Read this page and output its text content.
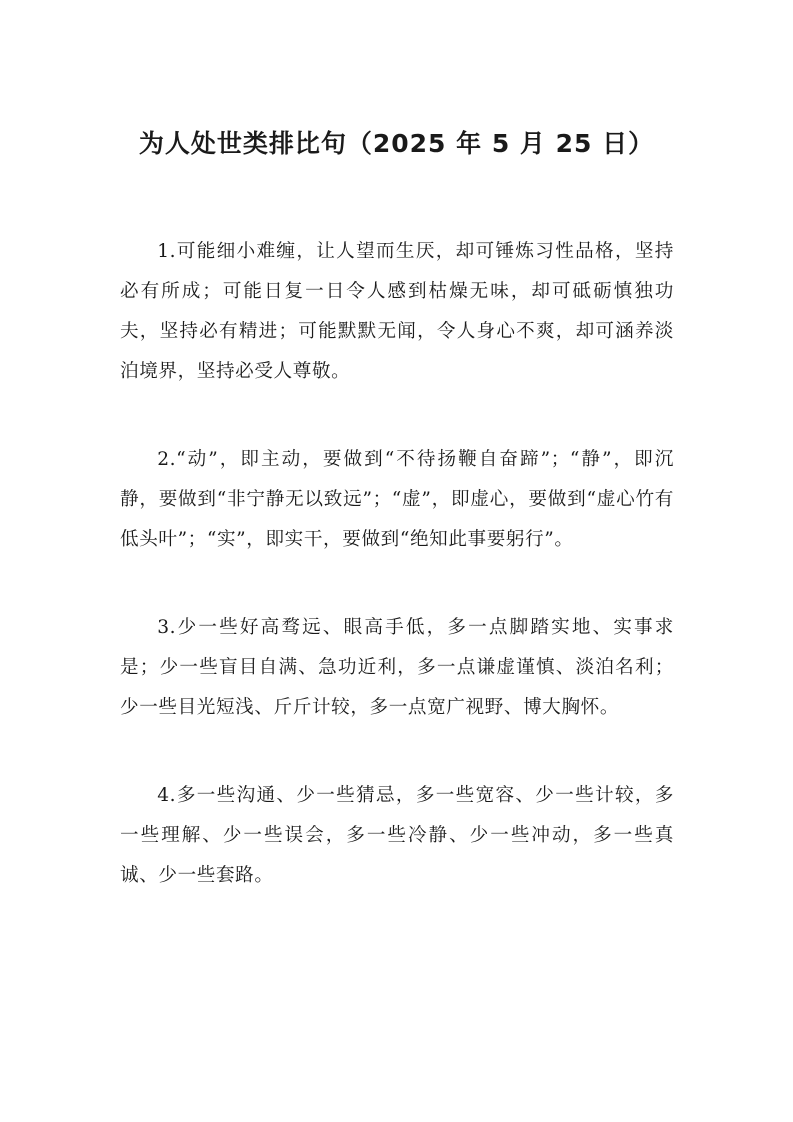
为人处世类排比句（2025 年 5 月 25 日）

1.可能细小难缠，让人望而生厌，却可锤炼习性品格，坚持必有所成；可能日复一日令人感到枯燥无味，却可砥砺慎独功夫，坚持必有精进；可能默默无闻，令人身心不爽，却可涵养淡泊境界，坚持必受人尊敬。

2.“动”，即主动，要做到“不待扬鞭自奋蹄”；“静”，即沉静，要做到“非宁静无以致远”；“虚”，即虚心，要做到“虚心竹有低头叶”；“实”，即实干，要做到“绝知此事要躬行”。

3.少一些好高骛远、眼高手低，多一点脚踏实地、实事求是；少一些盲目自满、急功近利，多一点谦虚谨慎、淡泊名利；少一些目光短浅、斤斤计较，多一点宽广视野、博大胸怀。

4.多一些沟通、少一些猜忌，多一些宽容、少一些计较，多一些理解、少一些误会，多一些冷静、少一些冲动，多一些真诚、少一些套路。
